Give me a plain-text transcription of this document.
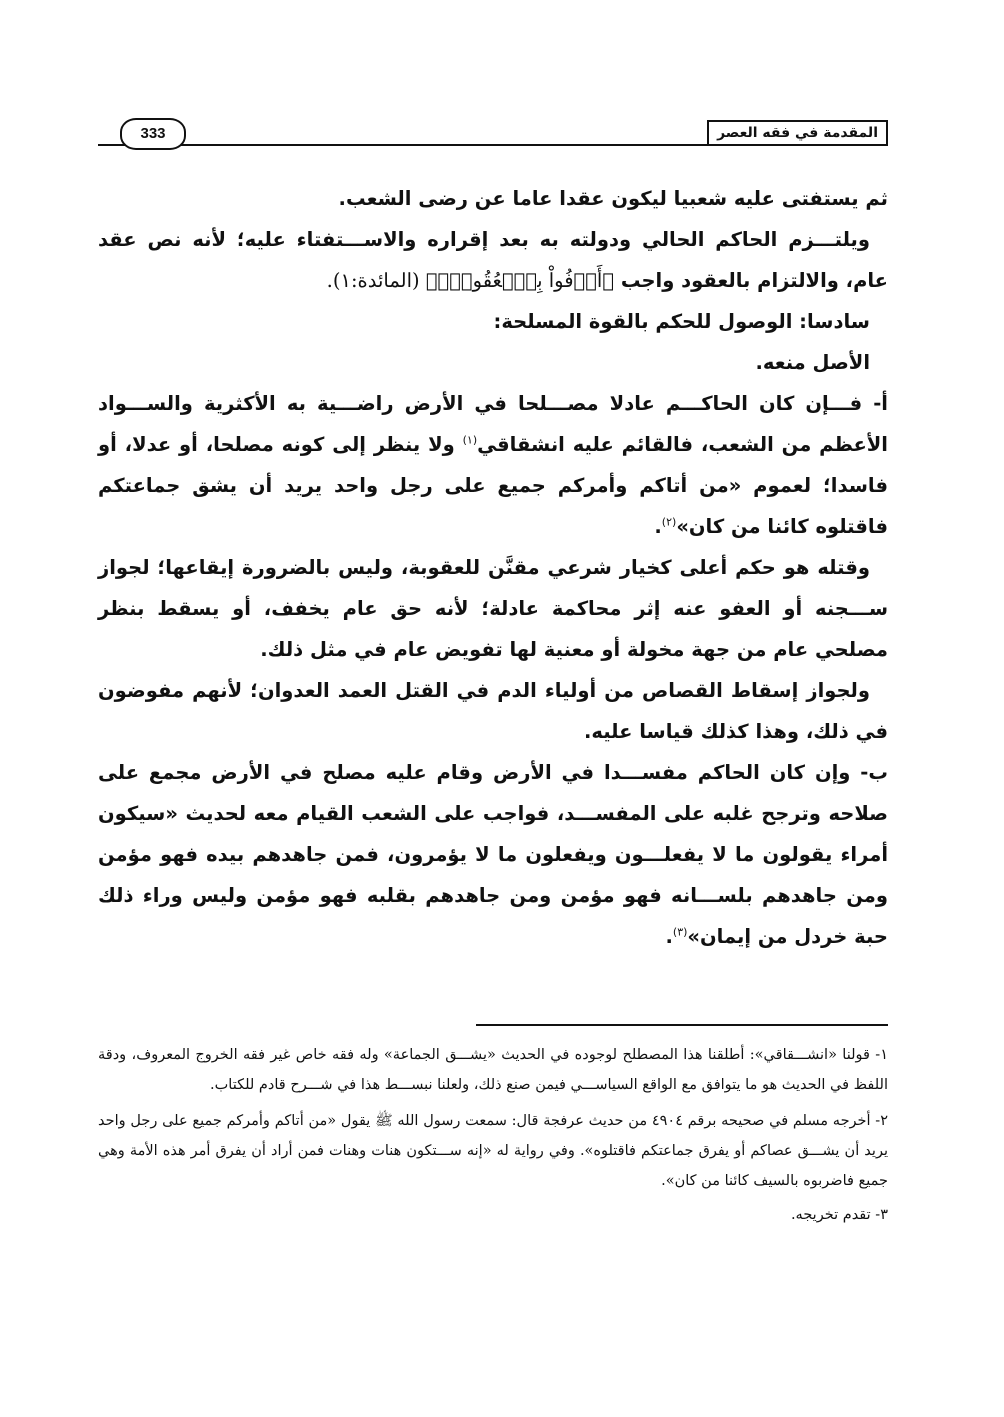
المقدمة في فقه العصر
333

ثم يستفتى عليه شعبيا ليكون عقدا عاما عن رضى الشعب.

ويلتـــزم الحاكم الحالي ودولته به بعد إقراره والاســـتفتاء عليه؛ لأنه نص عقد عام، والالتزام بالعقود واجب ﴿أَوۡفُواْ بِٱلۡعُقُودِۚ﴾ (المائدة:١).

سادسا: الوصول للحكم بالقوة المسلحة:

الأصل منعه.

أ- فـــإن كان الحاكـــم عادلا مصـــلحا في الأرض راضـــية به الأكثرية والســـواد الأعظم من الشعب، فالقائم عليه انشقاقي$^{(١)}$ ولا ينظر إلى كونه مصلحا، أو عدلا، أو فاسدا؛ لعموم «من أتاكم وأمركم جميع على رجل واحد يريد أن يشق جماعتكم فاقتلوه كائنا من كان»$^{(٢)}$.

وقتله هو حكم أعلى كخيار شرعي مقنَّن للعقوبة، وليس بالضرورة إيقاعها؛ لجواز ســـجنه أو العفو عنه إثر محاكمة عادلة؛ لأنه حق عام يخفف، أو يسقط بنظر مصلحي عام من جهة مخولة أو معنية لها تفويض عام في مثل ذلك.

ولجواز إسقاط القصاص من أولياء الدم في القتل العمد العدوان؛ لأنهم مفوضون في ذلك، وهذا كذلك قياسا عليه.

ب- وإن كان الحاكم مفســـدا في الأرض وقام عليه مصلح في الأرض مجمع على صلاحه وترجح غلبه على المفســـد، فواجب على الشعب القيام معه لحديث «سيكون أمراء يقولون ما لا يفعلـــون ويفعلون ما لا يؤمرون، فمن جاهدهم بيده فهو مؤمن ومن جاهدهم بلســـانه فهو مؤمن ومن جاهدهم بقلبه فهو مؤمن وليس وراء ذلك حبة خردل من إيمان»$^{(٣)}$.

١- قولنا «انشـــقاقي»: أطلقنا هذا المصطلح لوجوده في الحديث «يشـــق الجماعة» وله فقه خاص غير فقه الخروج المعروف، ودقة اللفظ في الحديث هو ما يتوافق مع الواقع السياســـي فيمن صنع ذلك، ولعلنا نبســـط هذا في شـــرح قادم للكتاب.

٢- أخرجه مسلم في صحيحه برقم ٤٩٠٤ من حديث عرفجة قال: سمعت رسول الله ﷺ يقول «من أتاكم وأمركم جميع على رجل واحد يريد أن يشـــق عصاكم أو يفرق جماعتكم فاقتلوه». وفي رواية له «إنه ســـتكون هنات وهنات فمن أراد أن يفرق أمر هذه الأمة وهي جميع فاضربوه بالسيف كائنا من كان».

٣- تقدم تخريجه.
